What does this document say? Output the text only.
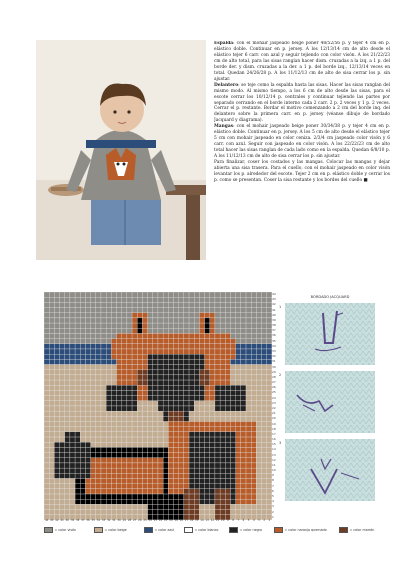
Espalda: con el mohair jaspeado beige poner 48/52/56 p. y tejer 4 cm en p. elástico doble. Continuar en p. jersey. A los 12/13/14 cm de alto desde el elástico tejer 6 carr. con azul y seguir tejiendo con color visón. A los 21/22/23 cm de alto total, para las sisas rangían hacer dism. cruzadas a la izq. a 1 p. del borde der. y dism. cruzadas a la der. a 1 p. del borde izq., 12/13/14 veces en total. Quedan 24/26/28 p. A los 11/12/13 cm de alto de sisa cerrar los p. sin ajustar.

Delantero: se teje como la espalda hasta las sisas. Hacer las sisas ranglan del mismo modo. Al mismo tiempo, a los 6 cm de alto desde las sisas, para el escote cerrar los 10/12/14 p. centrales y continuar tejiendo las partes por separado cerrando en el borde interno cada 2 carr. 2 p. 2 veces y 1 p. 2 veces. Cerrar el p. restante. Bordar el motivo comenzando a 2 cm del borde inq. del delantero sobre la primera carr. en p. jersey (véanse dibujo de bordado Jacquard y diagrama).

Mangas: con el mohair jaspeado beige poner 30/34/38 p. y tejer 4 cm en p. elástico doble. Continuar en p. jersey. A los 5 cm de alto desde el elástico tejer 5 cm con mohair jaspeado en color ceniza. 2/3/4 cm jaspeado color visón y 6 carr. con azul. Seguir con jaspeado en color visón. A los 22/22/23 cm de alto total hacer las sisas ranglan de cada lado como en la espalda. Quedan 6/8/10 p. A los 11/12/13 cm de alto de sisa cerrar los p. sin ajustar.

Para finalizar, coser los costados y las mangas. Colocar las mangas y dejar abierta una sisa trasera. Para el cuello, con el mohair jaspeado en color visón levantar los p. alrededor del escote. Tejer 2 cm en p. elástico doble y cerrar los p. como se presentan. Coser la sisa restante y los bordes del cuello ■

44
43
42
41
40
39
38
37
36
35
34
33
32
31
30
29
28
27
26
25
24
23
22
21
20
19
18
17
16
15
14
13
12
11
10
9
8
7
6
5
4
3
2
1
44 43 42 41 40 39 38 37 36 35 34 33 32 31 30 29 28 27 26 25 24 23 22 21 20 19 18 17 16 15 14 13 12 11 10	9	8	7	6	5	4	3	2	1
BORDADO JACQUARD
1
2
3
= color visón	= color beige	= color azul	= color blanco	= color negro	= color naranja quemado	= color marrón
